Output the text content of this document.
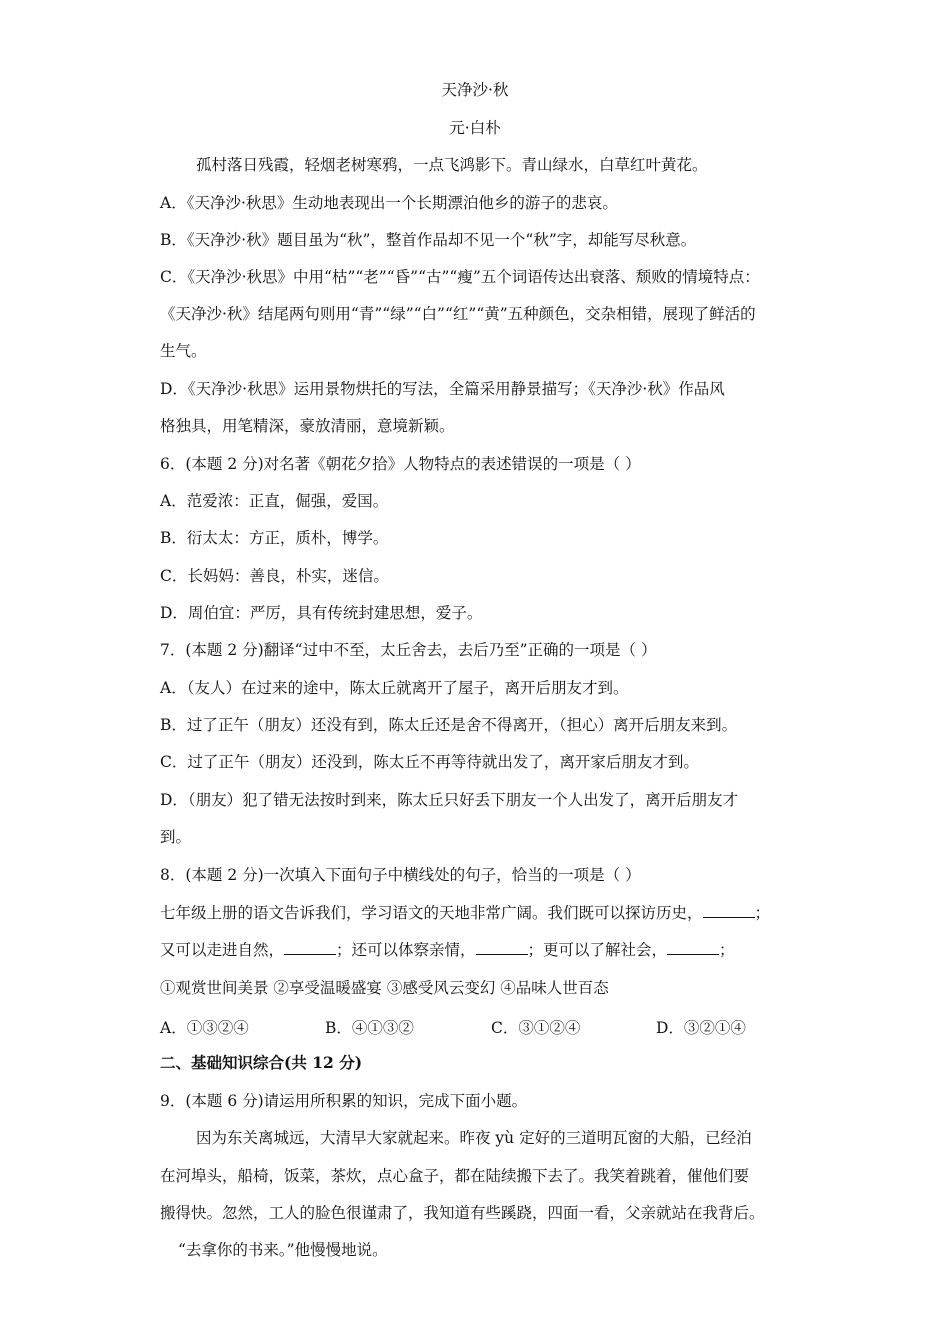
天净沙·秋
元·白朴
孤村落日残霞，轻烟老树寒鸦，一点飞鸿影下。青山绿水，白草红叶黄花。
A．《天净沙·秋思》生动地表现出一个长期漂泊他乡的游子的悲哀。
B．《天净沙·秋》题目虽为“秋”，整首作品却不见一个“秋”字，却能写尽秋意。
C．《天净沙·秋思》中用“枯”“老”“昏”“古”“瘦”五个词语传达出衰落、颓败的情境特点：
《天净沙·秋》结尾两句则用“青”“绿”“白”“红”“黄”五种颜色，交杂相错，展现了鲜活的
生气。
D．《天净沙·秋思》运用景物烘托的写法，全篇采用静景描写；《天净沙·秋》作品风
格独具，用笔精深，豪放清丽，意境新颖。
6．(本题 2 分)对名著《朝花夕拾》人物特点的表述错误的一项是（ ）
A．范爱浓：正直，倔强，爱国。
B．衍太太：方正，质朴，博学。
C．长妈妈：善良，朴实，迷信。
D．周伯宜：严厉，具有传统封建思想，爱子。
7．(本题 2 分)翻译“过中不至，太丘舍去，去后乃至”正确的一项是（ ）
A．（友人）在过来的途中，陈太丘就离开了屋子，离开后朋友才到。
B．过了正午（朋友）还没有到，陈太丘还是舍不得离开，（担心）离开后朋友来到。
C．过了正午（朋友）还没到，陈太丘不再等待就出发了，离开家后朋友才到。
D．（朋友）犯了错无法按时到来，陈太丘只好丢下朋友一个人出发了，离开后朋友才
到。
8．(本题 2 分)一次填入下面句子中横线处的句子，恰当的一项是（ ）
七年级上册的语文告诉我们，学习语文的天地非常广阔。我们既可以探访历史，	；
又可以走进自然，	；还可以体察亲情，	；更可以了解社会，	；
①观赏世间美景 ②享受温暖盛宴 ③感受风云变幻 ④品味人世百态
A．①③②④	B．④①③②	C．③①②④	D．③②①④
二、基础知识综合(共 12 分)
9．(本题 6 分)请运用所积累的知识，完成下面小题。
因为东关离城远，大清早大家就起来。昨夜 yù 定好的三道明瓦窗的大船，已经泊
在河埠头，船椅，饭菜，茶炊，点心盒子，都在陆续搬下去了。我笑着跳着，催他们要
搬得快。忽然，工人的脸色很谨肃了，我知道有些蹊跷，四面一看，父亲就站在我背后。
“去拿你的书来。”他慢慢地说。
